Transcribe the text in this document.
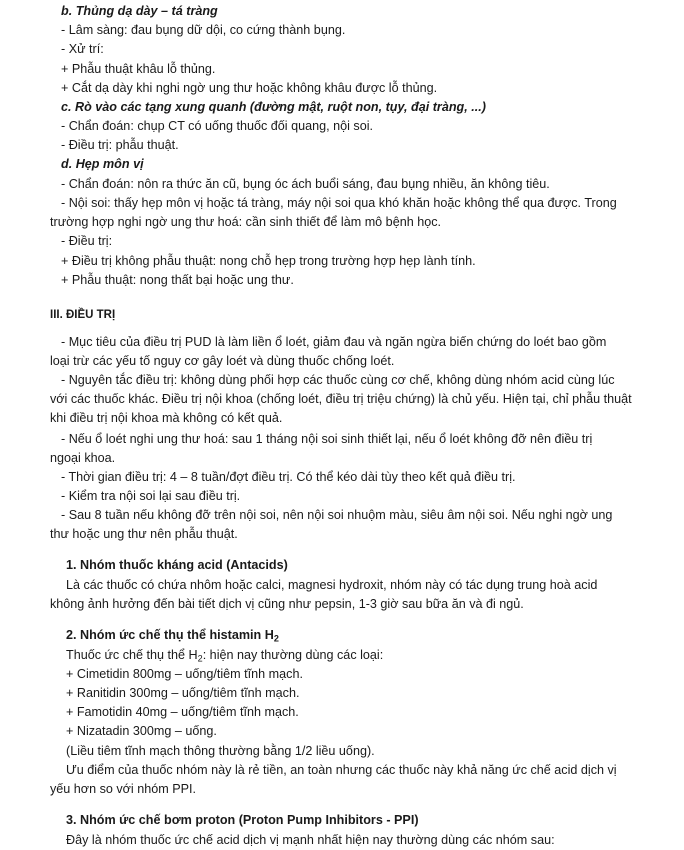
b. Thủng dạ dày – tá tràng
- Lâm sàng: đau bụng dữ dội, co cứng thành bụng.
- Xử trí:
+ Phẫu thuật khâu lỗ thủng.
+ Cắt dạ dày khi nghi ngờ ung thư hoặc không khâu được lỗ thủng.
c. Rò vào các tạng xung quanh (đường mật, ruột non, tụy, đại tràng, ...)
- Chẩn đoán: chụp CT có uống thuốc đối quang, nội soi.
- Điều trị: phẫu thuật.
d. Hẹp môn vị
- Chẩn đoán: nôn ra thức ăn cũ, bụng óc ách buổi sáng, đau bụng nhiều, ăn không tiêu.
- Nội soi: thấy hẹp môn vị hoặc tá tràng, máy nội soi qua khó khăn hoặc không thể qua được. Trong
trường hợp nghi ngờ ung thư hoá: cần sinh thiết để làm mô bệnh học.
- Điều trị:
+ Điều trị không phẫu thuật: nong chỗ hẹp trong trường hợp hẹp lành tính.
+ Phẫu thuật: nong thất bại hoặc ung thư.
III. ĐIỀU TRỊ
- Mục tiêu của điều trị PUD là làm liền ổ loét, giảm đau và ngăn ngừa biến chứng do loét bao gồm
loại trừ các yếu tố nguy cơ gây loét và dùng thuốc chống loét.
- Nguyên tắc điều trị: không dùng phối hợp các thuốc cùng cơ chế, không dùng nhóm acid cùng lúc
với các thuốc khác. Điều trị nội khoa (chống loét, điều trị triệu chứng) là chủ yếu. Hiện tại, chỉ phẫu thuật
khi điều trị nội khoa mà không có kết quả.
- Nếu ổ loét nghi ung thư hoá: sau 1 tháng nội soi sinh thiết lại, nếu ổ loét không đỡ nên điều trị
ngoại khoa.
- Thời gian điều trị: 4 – 8 tuần/đợt điều trị. Có thể kéo dài tùy theo kết quả điều trị.
- Kiểm tra nội soi lại sau điều trị.
- Sau 8 tuần nếu không đỡ trên nội soi, nên nội soi nhuộm màu, siêu âm nội soi. Nếu nghi ngờ ung
thư hoặc ung thư nên phẫu thuật.
1. Nhóm thuốc kháng acid (Antacids)
Là các thuốc có chứa nhôm hoặc calci, magnesi hydroxit, nhóm này có tác dụng trung hoà acid
không ảnh hưởng đến bài tiết dịch vị cũng như pepsin, 1-3 giờ sau bữa ăn và đi ngủ.
2. Nhóm ức chế thụ thể histamin $H_2$
Thuốc ức chế thụ thể $H_2$: hiện nay thường dùng các loại:
+ Cimetidin 800mg – uống/tiêm tĩnh mạch.
+ Ranitidin 300mg – uống/tiêm tĩnh mạch.
+ Famotidin 40mg – uống/tiêm tĩnh mạch.
+ Nizatadin 300mg – uống.
(Liều tiêm tĩnh mạch thông thường bằng 1/2 liều uống).
Ưu điểm của thuốc nhóm này là rẻ tiền, an toàn nhưng các thuốc này khả năng ức chế acid dịch vị
yếu hơn so với nhóm PPI.
3. Nhóm ức chế bơm proton (Proton Pump Inhibitors - PPI)
Đây là nhóm thuốc ức chế acid dịch vị mạnh nhất hiện nay thường dùng các nhóm sau:
